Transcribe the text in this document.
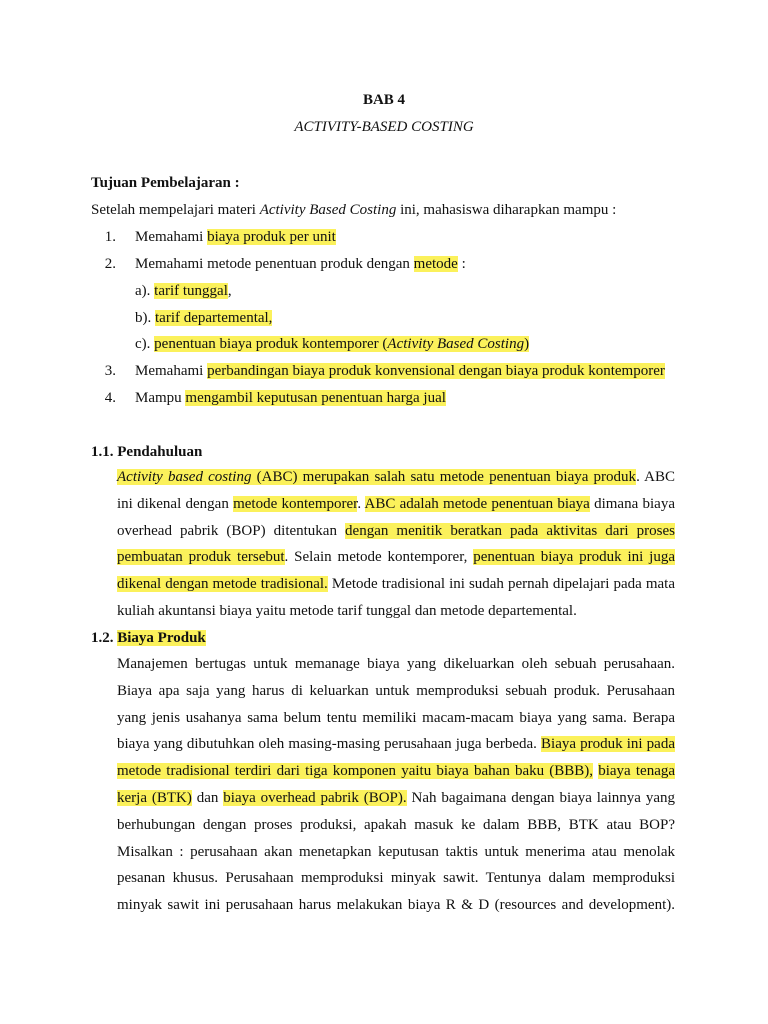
BAB 4
ACTIVITY-BASED COSTING
Tujuan Pembelajaran :
Setelah mempelajari materi Activity Based Costing ini, mahasiswa diharapkan mampu :
1. Memahami biaya produk per unit
2. Memahami metode penentuan produk dengan metode :
a). tarif tunggal,
b). tarif departemental,
c). penentuan biaya produk kontemporer (Activity Based Costing)
3. Memahami perbandingan biaya produk konvensional dengan biaya produk kontemporer
4. Mampu mengambil keputusan penentuan harga jual
1.1. Pendahuluan
Activity based costing (ABC) merupakan salah satu metode penentuan biaya produk. ABC
ini dikenal dengan metode kontemporer. ABC adalah metode penentuan biaya dimana biaya
overhead pabrik (BOP) ditentukan dengan menitik beratkan pada aktivitas dari proses
pembuatan produk tersebut. Selain metode kontemporer, penentuan biaya produk ini juga
dikenal dengan metode tradisional. Metode tradisional ini sudah pernah dipelajari pada mata
kuliah akuntansi biaya yaitu metode tarif tunggal dan metode departemental.
1.2. Biaya Produk
Manajemen bertugas untuk memanage biaya yang dikeluarkan oleh sebuah perusahaan.
Biaya apa saja yang harus di keluarkan untuk memproduksi sebuah produk. Perusahaan
yang jenis usahanya sama belum tentu memiliki macam-macam biaya yang sama. Berapa
biaya yang dibutuhkan oleh masing-masing perusahaan juga berbeda. Biaya produk ini pada
metode tradisional terdiri dari tiga komponen yaitu biaya bahan baku (BBB), biaya tenaga
kerja (BTK) dan biaya overhead pabrik (BOP). Nah bagaimana dengan biaya lainnya yang
berhubungan dengan proses produksi, apakah masuk ke dalam BBB, BTK atau BOP?
Misalkan : perusahaan akan menetapkan keputusan taktis untuk menerima atau menolak
pesanan khusus. Perusahaan memproduksi minyak sawit. Tentunya dalam memproduksi
minyak sawit ini perusahaan harus melakukan biaya R & D (resources and development).
